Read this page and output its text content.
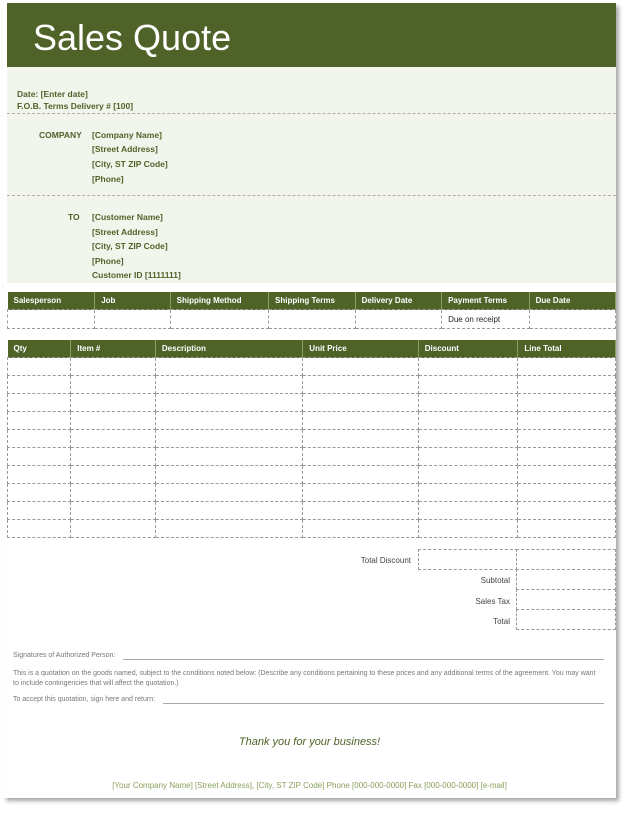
Sales Quote
Date: [Enter date]
F.O.B. Terms Delivery # [100]
COMPANY [Company Name]
[Street Address]
[City, ST ZIP Code]
[Phone]
TO [Customer Name]
[Street Address]
[City, ST ZIP Code]
[Phone]
Customer ID [1111111]
Salesperson	Job	Shipping Method	Shipping Terms	Delivery Date	Payment Terms	Due Date
					Due on receipt	
Qty	Item #	Description	Unit Price	Discount	Line Total

Total Discount
Subtotal
Sales Tax
Total
Signatures of Authorized Person:
This is a quotation on the goods named, subject to the conditions noted below: (Describe any conditions pertaining to these prices and any additional terms of the agreement. You may want to include contingencies that will affect the quotation.)
To accept this quotation, sign here and return:
Thank you for your business!
[Your Company Name] [Street Address], [City, ST ZIP Code] Phone [000-000-0000] Fax [000-000-0000] [e-mail]
